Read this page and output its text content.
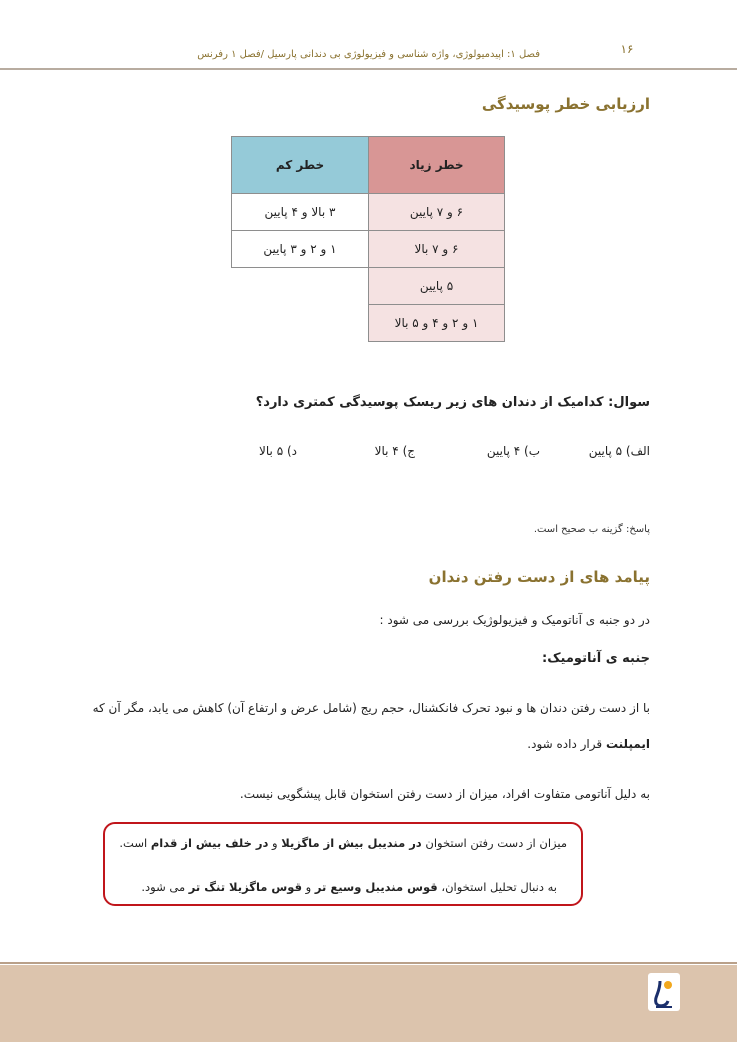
۱۶
فصل ۱: اپیدمیولوژی، واژه شناسی و فیزیولوژی بی دندانی پارسیل /فصل ۱ رفرنس
ارزیابی خطر پوسیدگی
خطر کم	خطر زیاد
۳ بالا و ۴ پایین	۶ و ۷ پایین
۱ و ۲ و ۳ پایین	۶ و ۷ بالا
	۵ پایین
	۱ و ۲ و ۴ و ۵ بالا
سوال: کدامیک از دندان های زیر ریسک پوسیدگی کمتری دارد؟
الف) ۵ پایین
ب) ۴ پایین
ج) ۴ بالا
د) ۵ بالا
پاسخ: گزینه ب صحیح است.
پیامد های از دست رفتن دندان
در دو جنبه ی آناتومیک و فیزیولوژیک بررسی می شود :
جنبه ی آناتومیک:
با از دست رفتن دندان ها و نبود تحرک فانکشنال، حجم ریج (شامل عرض و ارتفاع آن) کاهش می یابد، مگر آن که
ایمپلنت قرار داده شود.
به دلیل آناتومی متفاوت افراد، میزان از دست رفتن استخوان قابل پیشگویی نیست.
میزان از دست رفتن استخوان در مندیبل بیش از ماگزیلا و در خلف بیش از قدام است.
به دنبال تحلیل استخوان، قوس مندیبل وسیع تر و قوس ماگزیلا تنگ تر می شود.
